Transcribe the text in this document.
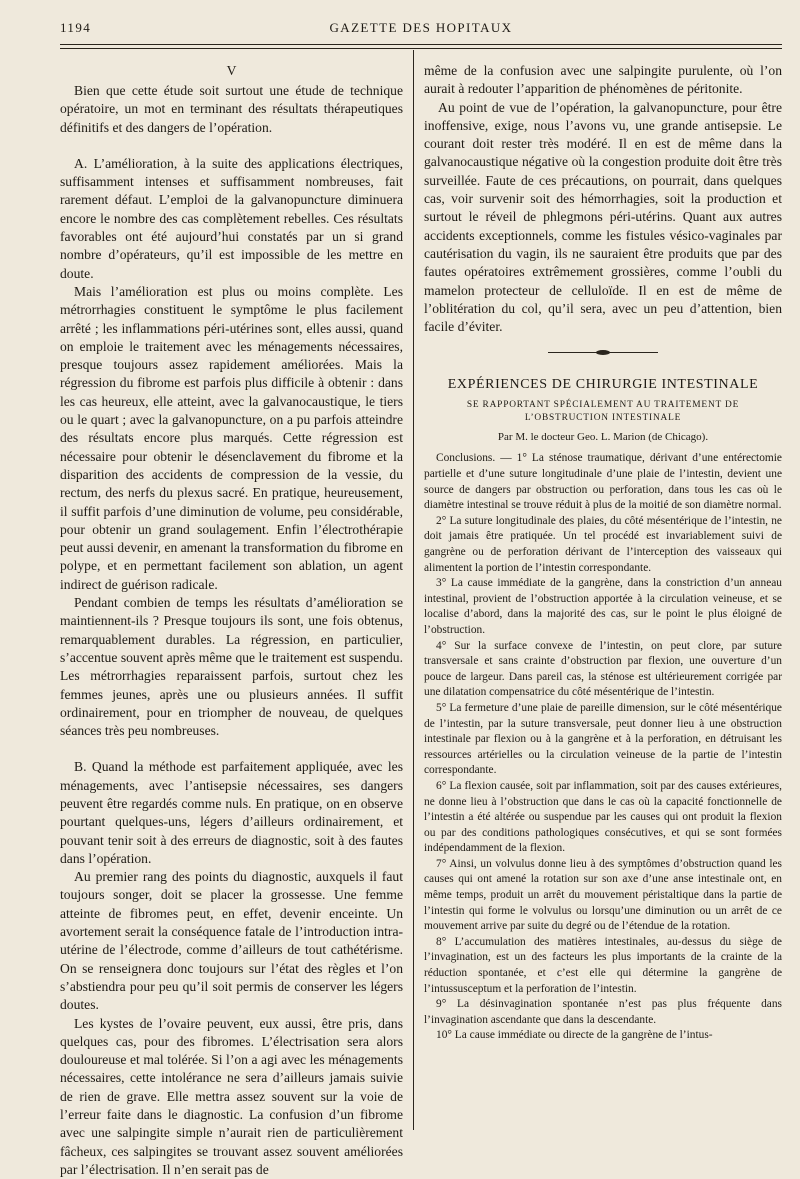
1194	GAZETTE DES HOPITAUX
V

Bien que cette étude soit surtout une étude de technique opératoire, un mot en terminant des résultats thérapeutiques définitifs et des dangers de l’opération.

A. L’amélioration, à la suite des applications électriques, suffisamment intenses et suffisamment nombreuses, fait rarement défaut. L’emploi de la galvanopuncture diminuera encore le nombre des cas complètement rebelles. Ces résultats favorables ont été aujourd’hui constatés par un si grand nombre d’opérateurs, qu’il est impossible de les mettre en doute.

Mais l’amélioration est plus ou moins complète. Les métrorrhagies constituent le symptôme le plus facilement arrêté ; les inflammations péri-utérines sont, elles aussi, quand on emploie le traitement avec les ménagements nécessaires, presque toujours assez rapidement améliorées. Mais la régression du fibrome est parfois plus difficile à obtenir : dans les cas heureux, elle atteint, avec la galvanocaustique, le tiers ou le quart ; avec la galvanopuncture, on a pu parfois atteindre des résultats encore plus marqués. Cette régression est nécessaire pour obtenir le désenclavement du fibrome et la disparition des accidents de compression de la vessie, du rectum, des nerfs du plexus sacré. En pratique, heureusement, il suffit parfois d’une diminution de volume, peu considérable, pour obtenir un grand soulagement. Enfin l’électrothérapie peut aussi devenir, en amenant la transformation du fibrome en polype, et en permettant facilement son ablation, un agent indirect de guérison radicale.

Pendant combien de temps les résultats d’amélioration se maintiennent-ils ? Presque toujours ils sont, une fois obtenus, remarquablement durables. La régression, en particulier, s’accentue souvent après même que le traitement est suspendu. Les métrorrhagies reparaissent parfois, surtout chez les femmes jeunes, après une ou plusieurs années. Il suffit ordinairement, pour en triompher de nouveau, de quelques séances très peu nombreuses.

B. Quand la méthode est parfaitement appliquée, avec les ménagements, avec l’antisepsie nécessaires, ses dangers peuvent être regardés comme nuls. En pratique, on en observe pourtant quelques-uns, légers d’ailleurs ordinairement, et pouvant tenir soit à des erreurs de diagnostic, soit à des fautes dans l’opération.

Au premier rang des points du diagnostic, auxquels il faut toujours songer, doit se placer la grossesse. Une femme atteinte de fibromes peut, en effet, devenir enceinte. Un avortement serait la conséquence fatale de l’introduction intra-utérine de l’électrode, comme d’ailleurs de tout cathétérisme. On se renseignera donc toujours sur l’état des règles et l’on s’abstiendra pour peu qu’il soit permis de conserver les légers doutes.

Les kystes de l’ovaire peuvent, eux aussi, être pris, dans quelques cas, pour des fibromes. L’électrisation sera alors douloureuse et mal tolérée. Si l’on a agi avec les ménagements nécessaires, cette intolérance ne sera d’ailleurs jamais suivie de rien de grave. Elle mettra assez souvent sur la voie de l’erreur faite dans le diagnostic. La confusion d’un fibrome avec une salpingite simple n’aurait rien de particulièrement fâcheux, ces salpingites se trouvant assez souvent améliorées par l’électrisation. Il n’en serait pas de

même de la confusion avec une salpingite purulente, où l’on aurait à redouter l’apparition de phénomènes de péritonite.

Au point de vue de l’opération, la galvanopuncture, pour être inoffensive, exige, nous l’avons vu, une grande antisepsie. Le courant doit rester très modéré. Il en est de même dans la galvanocaustique négative où la congestion produite doit être très surveillée. Faute de ces précautions, on pourrait, dans quelques cas, voir survenir soit des hémorrhagies, soit la production et surtout le réveil de phlegmons péri-utérins. Quant aux autres accidents exceptionnels, comme les fistules vésico-vaginales par cautérisation du vagin, ils ne sauraient être produits que par des fautes opératoires extrêmement grossières, comme l’oubli du mamelon protecteur de celluloïde. Il en est de même de l’oblitération du col, qu’il sera, avec un peu d’attention, bien facile d’éviter.

EXPÉRIENCES DE CHIRURGIE INTESTINALE
SE RAPPORTANT SPÉCIALEMENT AU TRAITEMENT DE L’OBSTRUCTION INTESTINALE
Par M. le docteur Geo. L. Marion (de Chicago).

Conclusions. — 1° La sténose traumatique, dérivant d’une entérectomie partielle et d’une suture longitudinale d’une plaie de l’intestin, devient une source de dangers par obstruction ou perforation, dans tous les cas où le diamètre intestinal se trouve réduit à plus de la moitié de son diamètre normal.

2° La suture longitudinale des plaies, du côté mésentérique de l’intestin, ne doit jamais être pratiquée. Un tel procédé est invariablement suivi de gangrène ou de perforation dérivant de l’interception des vaisseaux qui alimentent la portion de l’intestin correspondante.

3° La cause immédiate de la gangrène, dans la constriction d’un anneau intestinal, provient de l’obstruction apportée à la circulation veineuse, et se localise d’abord, dans la majorité des cas, sur le point le plus éloigné de l’obstruction.

4° Sur la surface convexe de l’intestin, on peut clore, par suture transversale et sans crainte d’obstruction par flexion, une ouverture d’un pouce de largeur. Dans pareil cas, la sténose est ultérieurement corrigée par une dilatation compensatrice du côté mésentérique de l’intestin.

5° La fermeture d’une plaie de pareille dimension, sur le côté mésentérique de l’intestin, par la suture transversale, peut donner lieu à une obstruction intestinale par flexion ou à la gangrène et à la perforation, en détruisant les ressources artérielles ou la circulation veineuse de la partie de l’intestin correspondante.

6° La flexion causée, soit par inflammation, soit par des causes extérieures, ne donne lieu à l’obstruction que dans le cas où la capacité fonctionnelle de l’intestin a été altérée ou suspendue par les causes qui ont produit la flexion ou par des conditions pathologiques consécutives, et qui se sont formées indépendamment de la flexion.

7° Ainsi, un volvulus donne lieu à des symptômes d’obstruction quand les causes qui ont amené la rotation sur son axe d’une anse intestinale ont, en même temps, produit un arrêt du mouvement péristaltique dans la partie de l’intestin qui forme le volvulus ou lorsqu’une diminution ou un arrêt de ce mouvement arrive par suite du degré ou de l’étendue de la rotation.

8° L’accumulation des matières intestinales, au-dessus du siège de l’invagination, est un des facteurs les plus importants de la crainte de la réduction spontanée, et c’est elle qui détermine la gangrène de l’intussusceptum et la perforation de l’intestin.

9° La désinvagination spontanée n’est pas plus fréquente dans l’invagination ascendante que dans la descendante.

10° La cause immédiate ou directe de la gangrène de l’intus-
